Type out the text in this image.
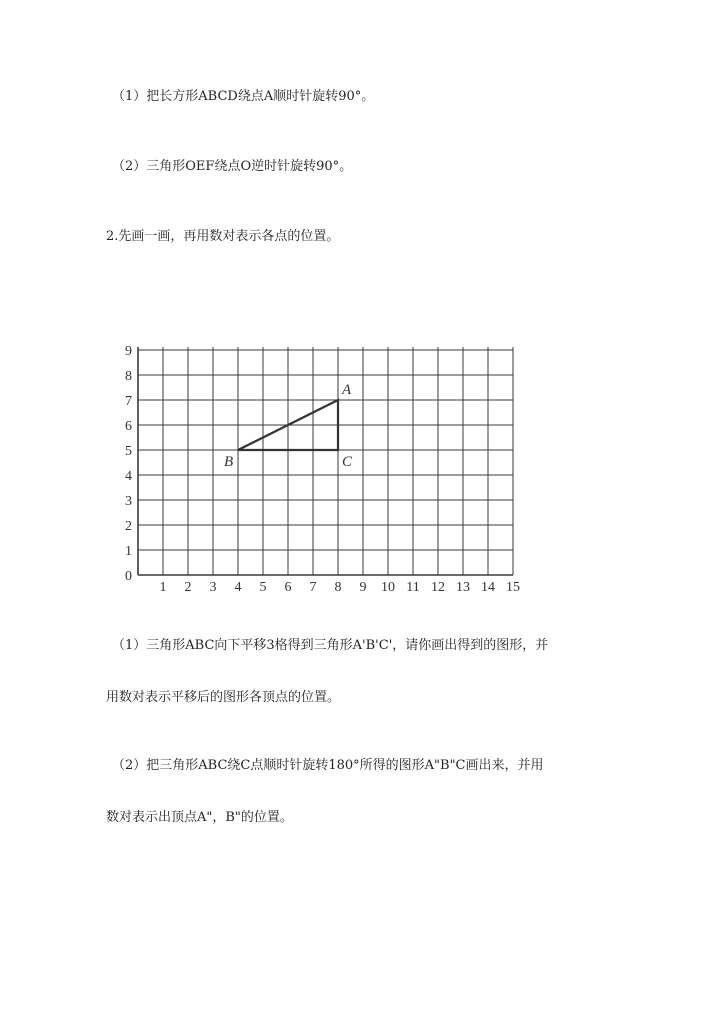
（1）把长方形ABCD绕点A顺时针旋转90°。
（2）三角形OEF绕点O逆时针旋转90°。
2.先画一画，再用数对表示各点的位置。
1 2 3 4 5 6 7 8 9 10 11 12 13 14 15
0
1
2
3
4
5
6
7
8
9
A
B	C
（1）三角形ABC向下平移3格得到三角形A'B'C'，请你画出得到的图形，并
用数对表示平移后的图形各顶点的位置。
（2）把三角形ABC绕C点顺时针旋转180°所得的图形A"B"C画出来，并用
数对表示出顶点A"，B"的位置。
